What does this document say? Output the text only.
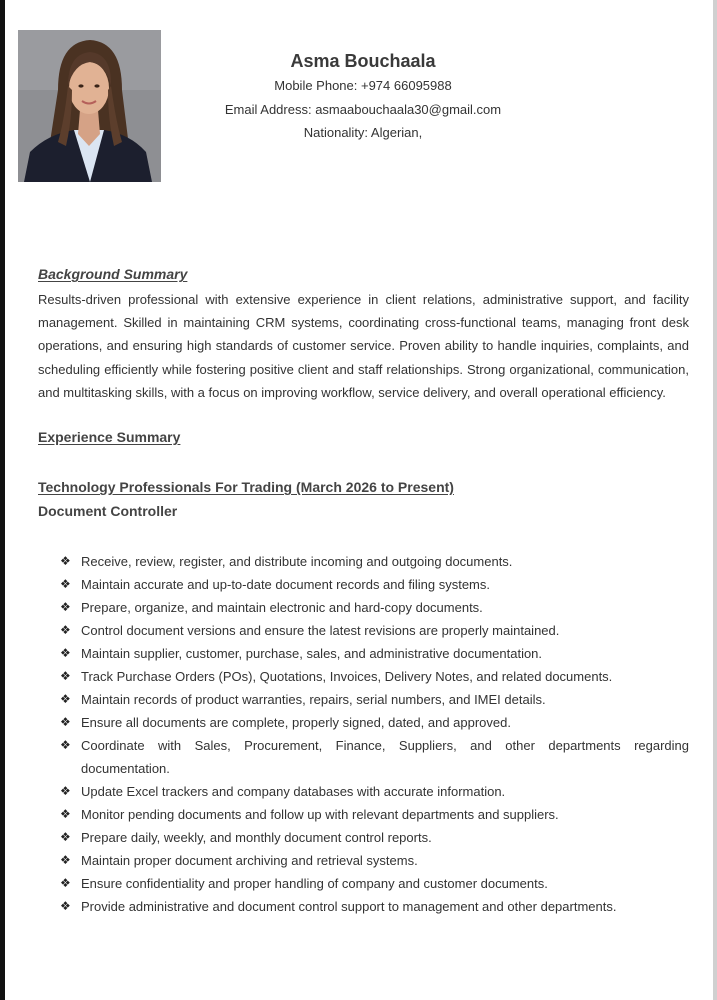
Asma Bouchaala
Mobile Phone: +974 66095988
Email Address: asmaabouchaala30@gmail.com
Nationality: Algerian,
Background Summary

Results-driven professional with extensive experience in client relations, administrative support, and facility management. Skilled in maintaining CRM systems, coordinating cross-functional teams, managing front desk operations, and ensuring high standards of customer service. Proven ability to handle inquiries, complaints, and scheduling efficiently while fostering positive client and staff relationships. Strong organizational, communication, and multitasking skills, with a focus on improving workflow, service delivery, and overall operational efficiency.

Experience Summary
Technology Professionals For Trading (March 2026 to Present)
Document Controller
❖ Receive, review, register, and distribute incoming and outgoing documents.
❖ Maintain accurate and up-to-date document records and filing systems.
❖ Prepare, organize, and maintain electronic and hard-copy documents.
❖ Control document versions and ensure the latest revisions are properly maintained.
❖ Maintain supplier, customer, purchase, sales, and administrative documentation.
❖ Track Purchase Orders (POs), Quotations, Invoices, Delivery Notes, and related documents.
❖ Maintain records of product warranties, repairs, serial numbers, and IMEI details.
❖ Ensure all documents are complete, properly signed, dated, and approved.
❖ Coordinate with Sales, Procurement, Finance, Suppliers, and other departments regarding documentation.
❖ Update Excel trackers and company databases with accurate information.
❖ Monitor pending documents and follow up with relevant departments and suppliers.
❖ Prepare daily, weekly, and monthly document control reports.
❖ Maintain proper document archiving and retrieval systems.
❖ Ensure confidentiality and proper handling of company and customer documents.
❖ Provide administrative and document control support to management and other departments.
